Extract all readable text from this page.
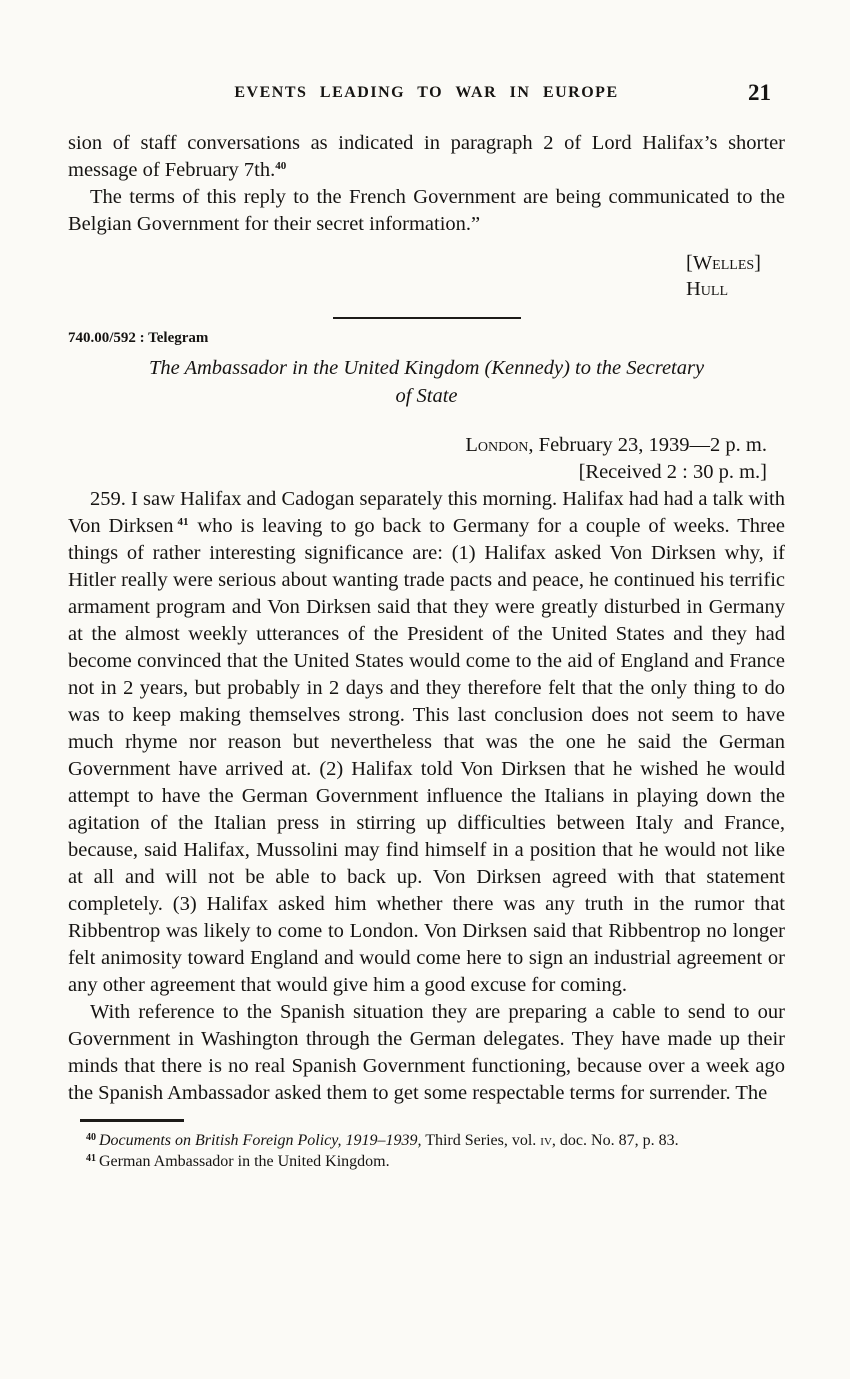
EVENTS LEADING TO WAR IN EUROPE	21

sion of staff conversations as indicated in paragraph 2 of Lord Halifax’s shorter message of February 7th.$^{40}$

The terms of this reply to the French Government are being communicated to the Belgian Government for their secret information.”

[Welles]
Hull
740.00/592 : Telegram
The Ambassador in the United Kingdom (Kennedy) to the Secretary
of State
London, February 23, 1939—2 p. m.
[Received 2 : 30 p. m.]

259. I saw Halifax and Cadogan separately this morning. Halifax had had a talk with Von Dirksen $^{41}$ who is leaving to go back to Germany for a couple of weeks. Three things of rather interesting significance are: (1) Halifax asked Von Dirksen why, if Hitler really were serious about wanting trade pacts and peace, he continued his terrific armament program and Von Dirksen said that they were greatly disturbed in Germany at the almost weekly utterances of the President of the United States and they had become convinced that the United States would come to the aid of England and France not in 2 years, but probably in 2 days and they therefore felt that the only thing to do was to keep making themselves strong. This last conclusion does not seem to have much rhyme nor reason but nevertheless that was the one he said the German Government have arrived at. (2) Halifax told Von Dirksen that he wished he would attempt to have the German Government influence the Italians in playing down the agitation of the Italian press in stirring up difficulties between Italy and France, because, said Halifax, Mussolini may find himself in a position that he would not like at all and will not be able to back up. Von Dirksen agreed with that statement completely. (3) Halifax asked him whether there was any truth in the rumor that Ribbentrop was likely to come to London. Von Dirksen said that Ribbentrop no longer felt animosity toward England and would come here to sign an industrial agreement or any other agreement that would give him a good excuse for coming.

With reference to the Spanish situation they are preparing a cable to send to our Government in Washington through the German delegates. They have made up their minds that there is no real Spanish Government functioning, because over a week ago the Spanish Ambassador asked them to get some respectable terms for surrender. The

$^{40}$ Documents on British Foreign Policy, 1919–1939, Third Series, vol. iv, doc. No. 87, p. 83.

$^{41}$ German Ambassador in the United Kingdom.
